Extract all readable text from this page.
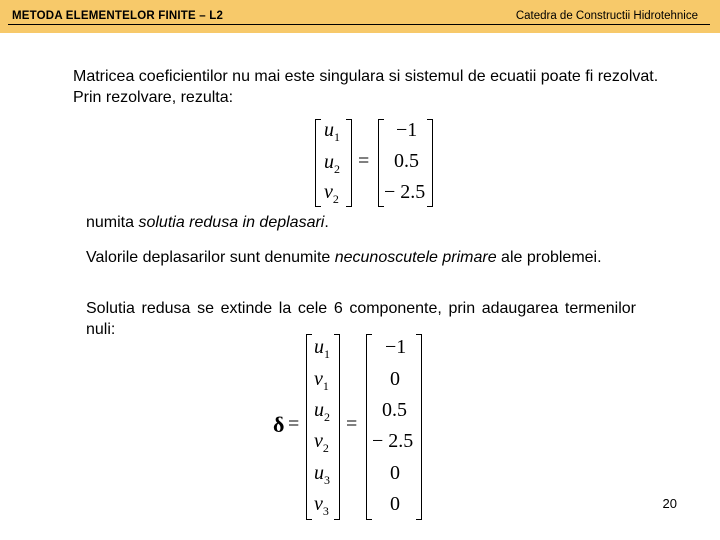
METODA ELEMENTELOR FINITE – L2	Catedra de Constructii Hidrotehnice
Matricea coeficientilor nu mai este singulara si sistemul de ecuatii poate fi rezolvat. Prin rezolvare, rezulta:
$u_1$
$u_2$
$v_2$
=
−1
0.5
− 2.5
numita solutia redusa in deplasari.
Valorile deplasarilor sunt denumite necunoscutele primare ale problemei.
Solutia redusa se extinde la cele 6 componente, prin adaugarea termenilor nuli:
δ =
$u_1$
$v_1$
$u_2$
$v_2$
$u_3$
$v_3$
=
−1
0
0.5
− 2.5
0
0	20
